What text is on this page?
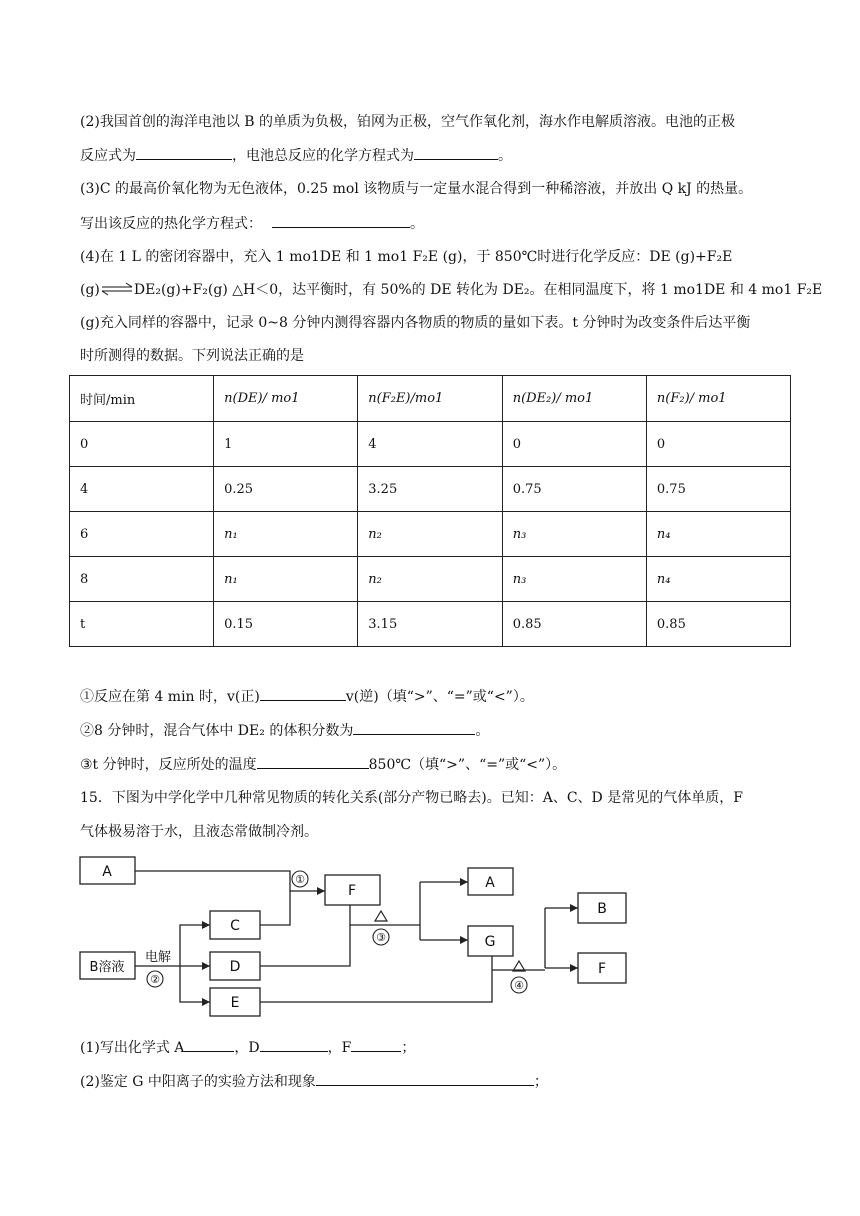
(2)我国首创的海洋电池以 B 的单质为负极，铂网为正极，空气作氧化剂，海水作电解质溶液。电池的正极
反应式为	，电池总反应的化学方程式为	。
(3)C 的最高价氧化物为无色液体，0.25 mol 该物质与一定量水混合得到一种稀溶液，并放出 Q kJ 的热量。
写出该反应的热化学方程式：	。
(4)在 1 L 的密闭容器中，充入 1 mo1DE 和 1 mo1 F₂E (g)，于 850℃时进行化学反应：DE (g)+F₂E
(g)⇌DE₂(g)+F₂(g) △H＜0，达平衡时，有 50%的 DE 转化为 DE₂。在相同温度下，将 1 mo1DE 和 4 mo1 F₂E
(g)充入同样的容器中，记录 0~8 分钟内测得容器内各物质的物质的量如下表。t 分钟时为改变条件后达平衡
时所测得的数据。下列说法正确的是
时间/min	n(DE)/ mo1	n(F₂E)/mo1	n(DE₂)/ mo1	n(F₂)/ mo1
0	1	4	0	0
4	0.25	3.25	0.75	0.75
6	n₁	n₂	n₃	n₄
8	n₁	n₂	n₃	n₄
t	0.15	3.15	0.85	0.85
①反应在第 4 min 时，v(正)	v(逆)（填“>”、“=”或“<”）。
②8 分钟时，混合气体中 DE₂ 的体积分数为	。
③t 分钟时，反应所处的温度	850℃（填“>”、“=”或“<”）。
15．下图为中学化学中几种常见物质的转化关系(部分产物已略去)。已知：A、C、D 是常见的气体单质，F
气体极易溶于水，且液态常做制冷剂。
A
F	A
C
G
B
D
E
F
B溶液
电解
①
②
③
④
(1)写出化学式 A	，D	，F	；
(2)鉴定 G 中阳离子的实验方法和现象	；
